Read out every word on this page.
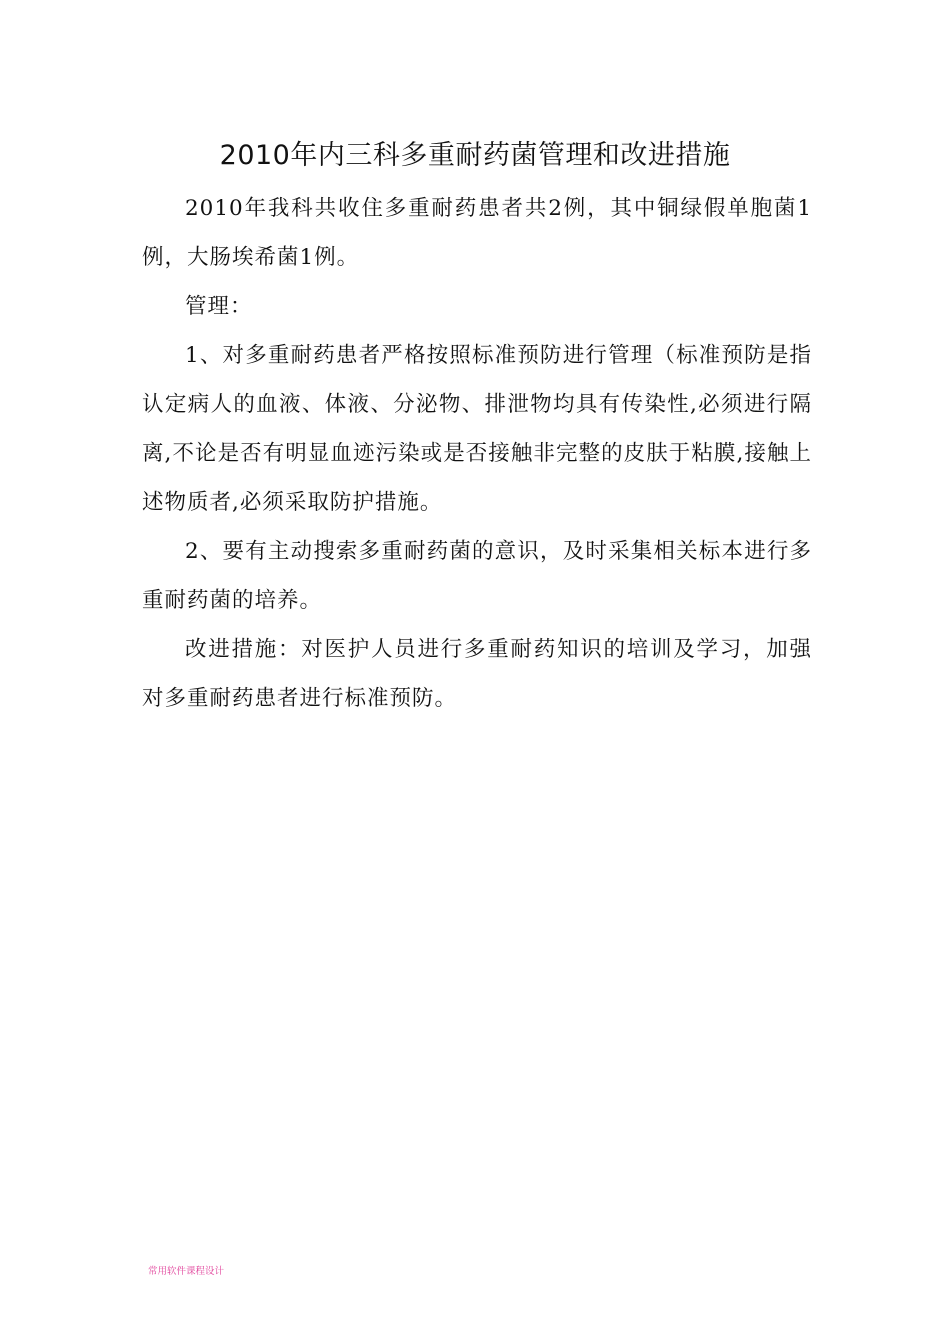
2010年内三科多重耐药菌管理和改进措施

2010年我科共收住多重耐药患者共2例，其中铜绿假单胞菌1例，大肠埃希菌1例。

管理：

1、对多重耐药患者严格按照标准预防进行管理（标准预防是指认定病人的血液、体液、分泌物、排泄物均具有传染性,必须进行隔离,不论是否有明显血迹污染或是否接触非完整的皮肤于粘膜,接触上述物质者,必须采取防护措施。

2、要有主动搜索多重耐药菌的意识，及时采集相关标本进行多重耐药菌的培养。

改进措施：对医护人员进行多重耐药知识的培训及学习，加强对多重耐药患者进行标准预防。

常用软件课程设计
